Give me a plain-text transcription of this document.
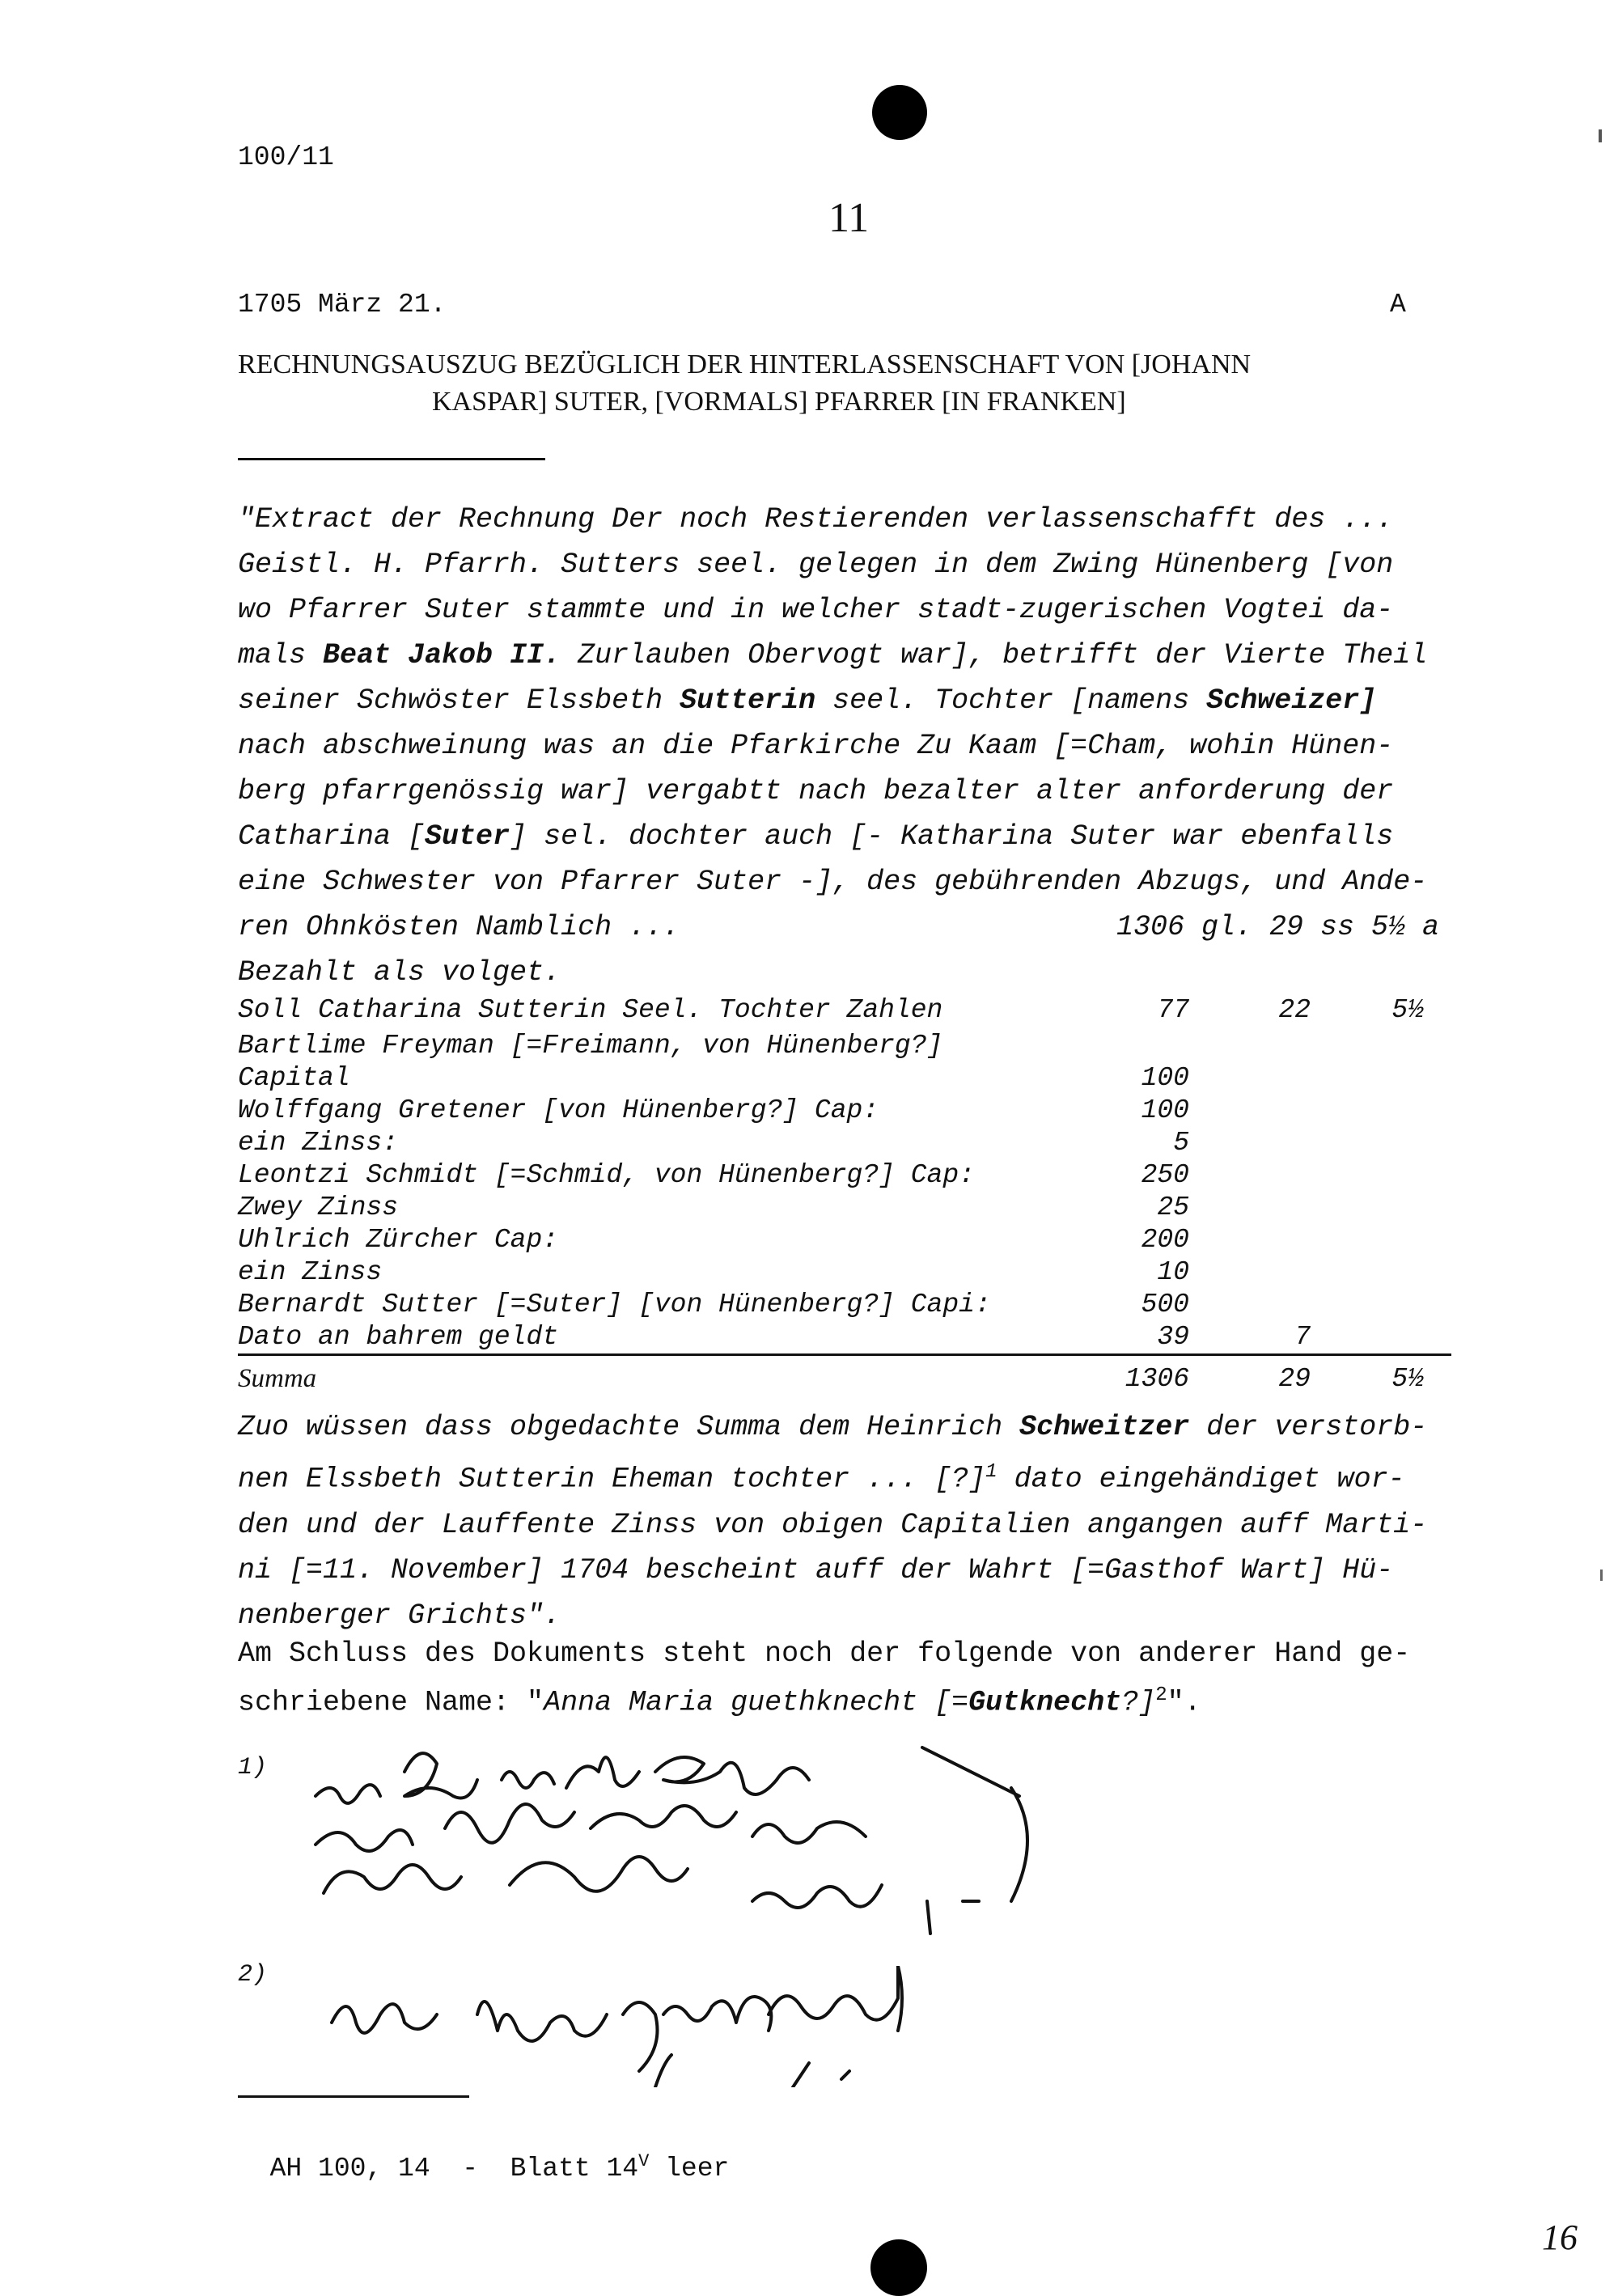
100/11
11
1705 März 21.	A
RECHNUNGSAUSZUG BEZÜGLICH DER HINTERLASSENSCHAFT VON [JOHANN
KASPAR] SUTER, [VORMALS] PFARRER [IN FRANKEN]
"Extract der Rechnung Der noch Restierenden verlassenschafft des ...
Geistl. H. Pfarrh. Sutters seel. gelegen in dem Zwing Hünenberg [von
wo Pfarrer Suter stammte und in welcher stadt-zugerischen Vogtei da-
mals Beat Jakob II. Zurlauben Obervogt war], betrifft der Vierte Theil
seiner Schwöster Elssbeth Sutterin seel. Tochter [namens Schweizer]
nach abschweinung was an die Pfarkirche Zu Kaam [=Cham, wohin Hünen-
berg pfarrgenössig war] vergabtt nach bezalter alter anforderung der
Catharina [Suter] sel. dochter auch [- Katharina Suter war ebenfalls
eine Schwester von Pfarrer Suter -], des gebührenden Abzugs, und Ande-
ren Ohnköstеn Namblich ...	1306 gl. 29 ss 5½ a
Bezahlt als volget.
Soll Catharina Sutterin Seel. Tochter Zahlen	77	22	5½
Bartlime Freyman [=Freimann, von Hünenberg?]
Capital	100
Wolffgang Gretener [von Hünenberg?] Cap:	100
ein Zinss:	5
Leontzi Schmidt [=Schmid, von Hünenberg?] Cap:	250
Zwey Zinss	25
Uhlrich Zürcher Cap:	200
ein Zinss	10
Bernardt Sutter [=Suter] [von Hünenberg?] Capi:	500
Dato an bahrem geldt	39	7
Summa	1306	29	5½
Zuo wüssen dass obgedachte Summa dem Heinrich Schweitzer der verstorb-
nen Elssbeth Sutterin Eheman tochter ... [?]$^1$ dato eingehändiget wor-
den und der Lauffente Zinss von obigen Capitalien angangen auff Marti-
ni [=11. November] 1704 bescheint auff der Wahrt [=Gasthof Wart] Hü-
nenberger Grichts".
Am Schluss des Dokuments steht noch der folgende von anderer Hand ge-
schriebene Name: "Anna Maria guethknecht [=Gutknecht?]$^2$".
1)
2)

AH 100, 14  -  Blatt $14^V$ leer

16
